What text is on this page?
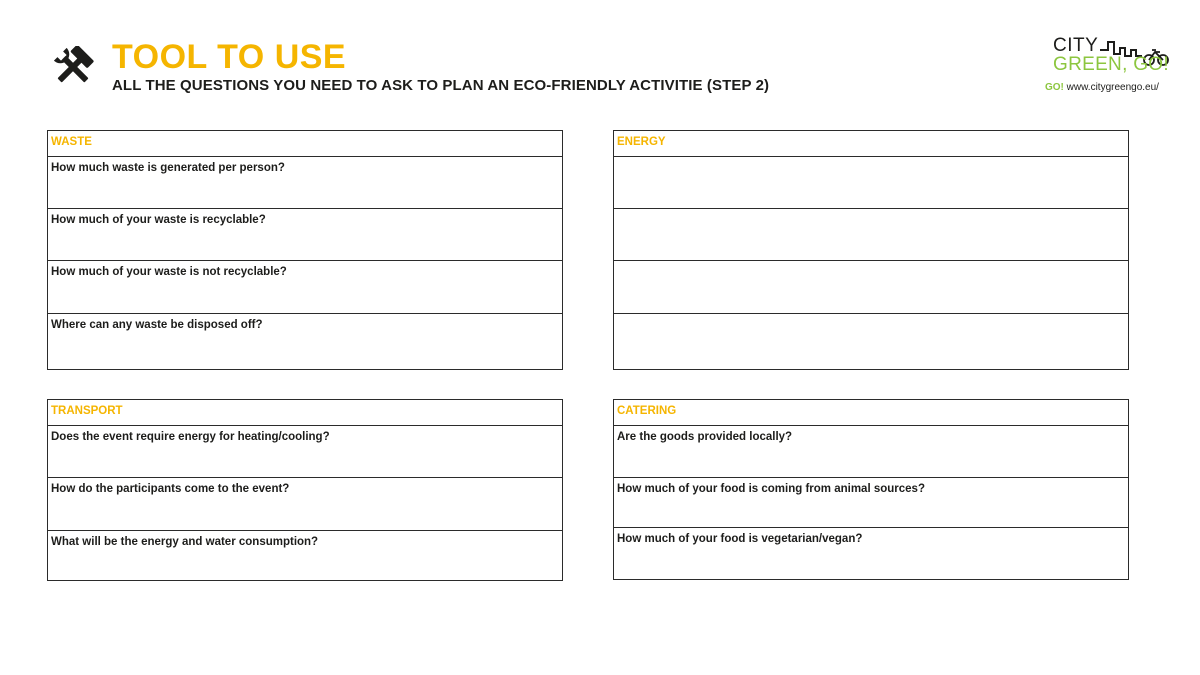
TOOL TO USE
ALL THE QUESTIONS YOU NEED TO ASK TO PLAN AN ECO-FRIENDLY ACTIVITIE (STEP 2)
CITY
GREEN, GO!
GO! www.citygreengo.eu/
WASTE
How much waste is generated per person?
How much of your waste is recyclable?
How much of your waste is not recyclable?
Where can any waste be disposed off?
ENERGY
TRANSPORT
Does the event require energy for heating/cooling?
How do the participants come to the event?
What will be the energy and water consumption?
CATERING
Are the goods provided locally?
How much of your food is coming from animal sources?
How much of your food is vegetarian/vegan?
